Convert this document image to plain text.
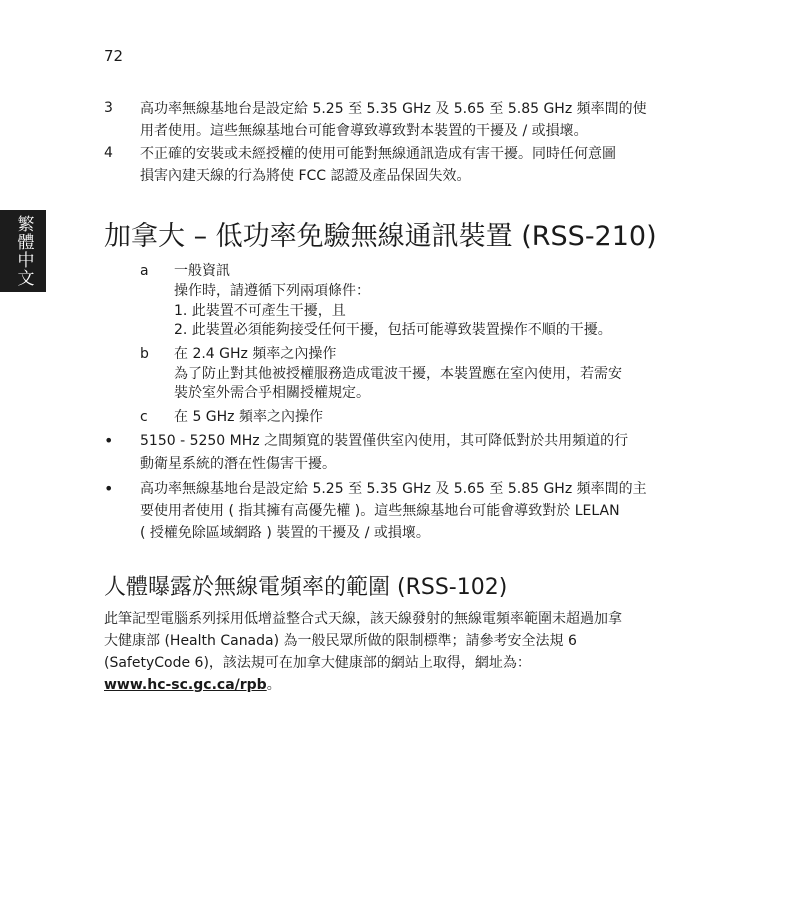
72
繁體中文
3 高功率無線基地台是設定給 5.25 至 5.35 GHz 及 5.65 至 5.85 GHz 頻率間的使
用者使用。這些無線基地台可能會導致導致對本裝置的干擾及 / 或損壞。
4 不正確的安裝或未經授權的使用可能對無線通訊造成有害干擾。同時任何意圖
損害內建天線的行為將使 FCC 認證及產品保固失效。
加拿大 – 低功率免驗無線通訊裝置 (RSS-210)
a 一般資訊
操作時，請遵循下列兩項條件：
1. 此裝置不可產生干擾，且
2. 此裝置必須能夠接受任何干擾，包括可能導致裝置操作不順的干擾。
b 在 2.4 GHz 頻率之內操作
為了防止對其他被授權服務造成電波干擾，本裝置應在室內使用，若需安
裝於室外需合乎相關授權規定。
c 在 5 GHz 頻率之內操作
• 5150 - 5250 MHz 之間頻寬的裝置僅供室內使用，其可降低對於共用頻道的行
動衛星系統的潛在性傷害干擾。
• 高功率無線基地台是設定給 5.25 至 5.35 GHz 及 5.65 至 5.85 GHz 頻率間的主
要使用者使用 ( 指其擁有高優先權 )。這些無線基地台可能會導致對於 LELAN
( 授權免除區域網路 ) 裝置的干擾及 / 或損壞。
人體曝露於無線電頻率的範圍 (RSS-102)
此筆記型電腦系列採用低增益整合式天線，該天線發射的無線電頻率範圍未超過加拿
大健康部 (Health Canada) 為一般民眾所做的限制標準；請參考安全法規 6
(SafetyCode 6)，該法規可在加拿大健康部的網站上取得，網址為：
www.hc-sc.gc.ca/rpb。
